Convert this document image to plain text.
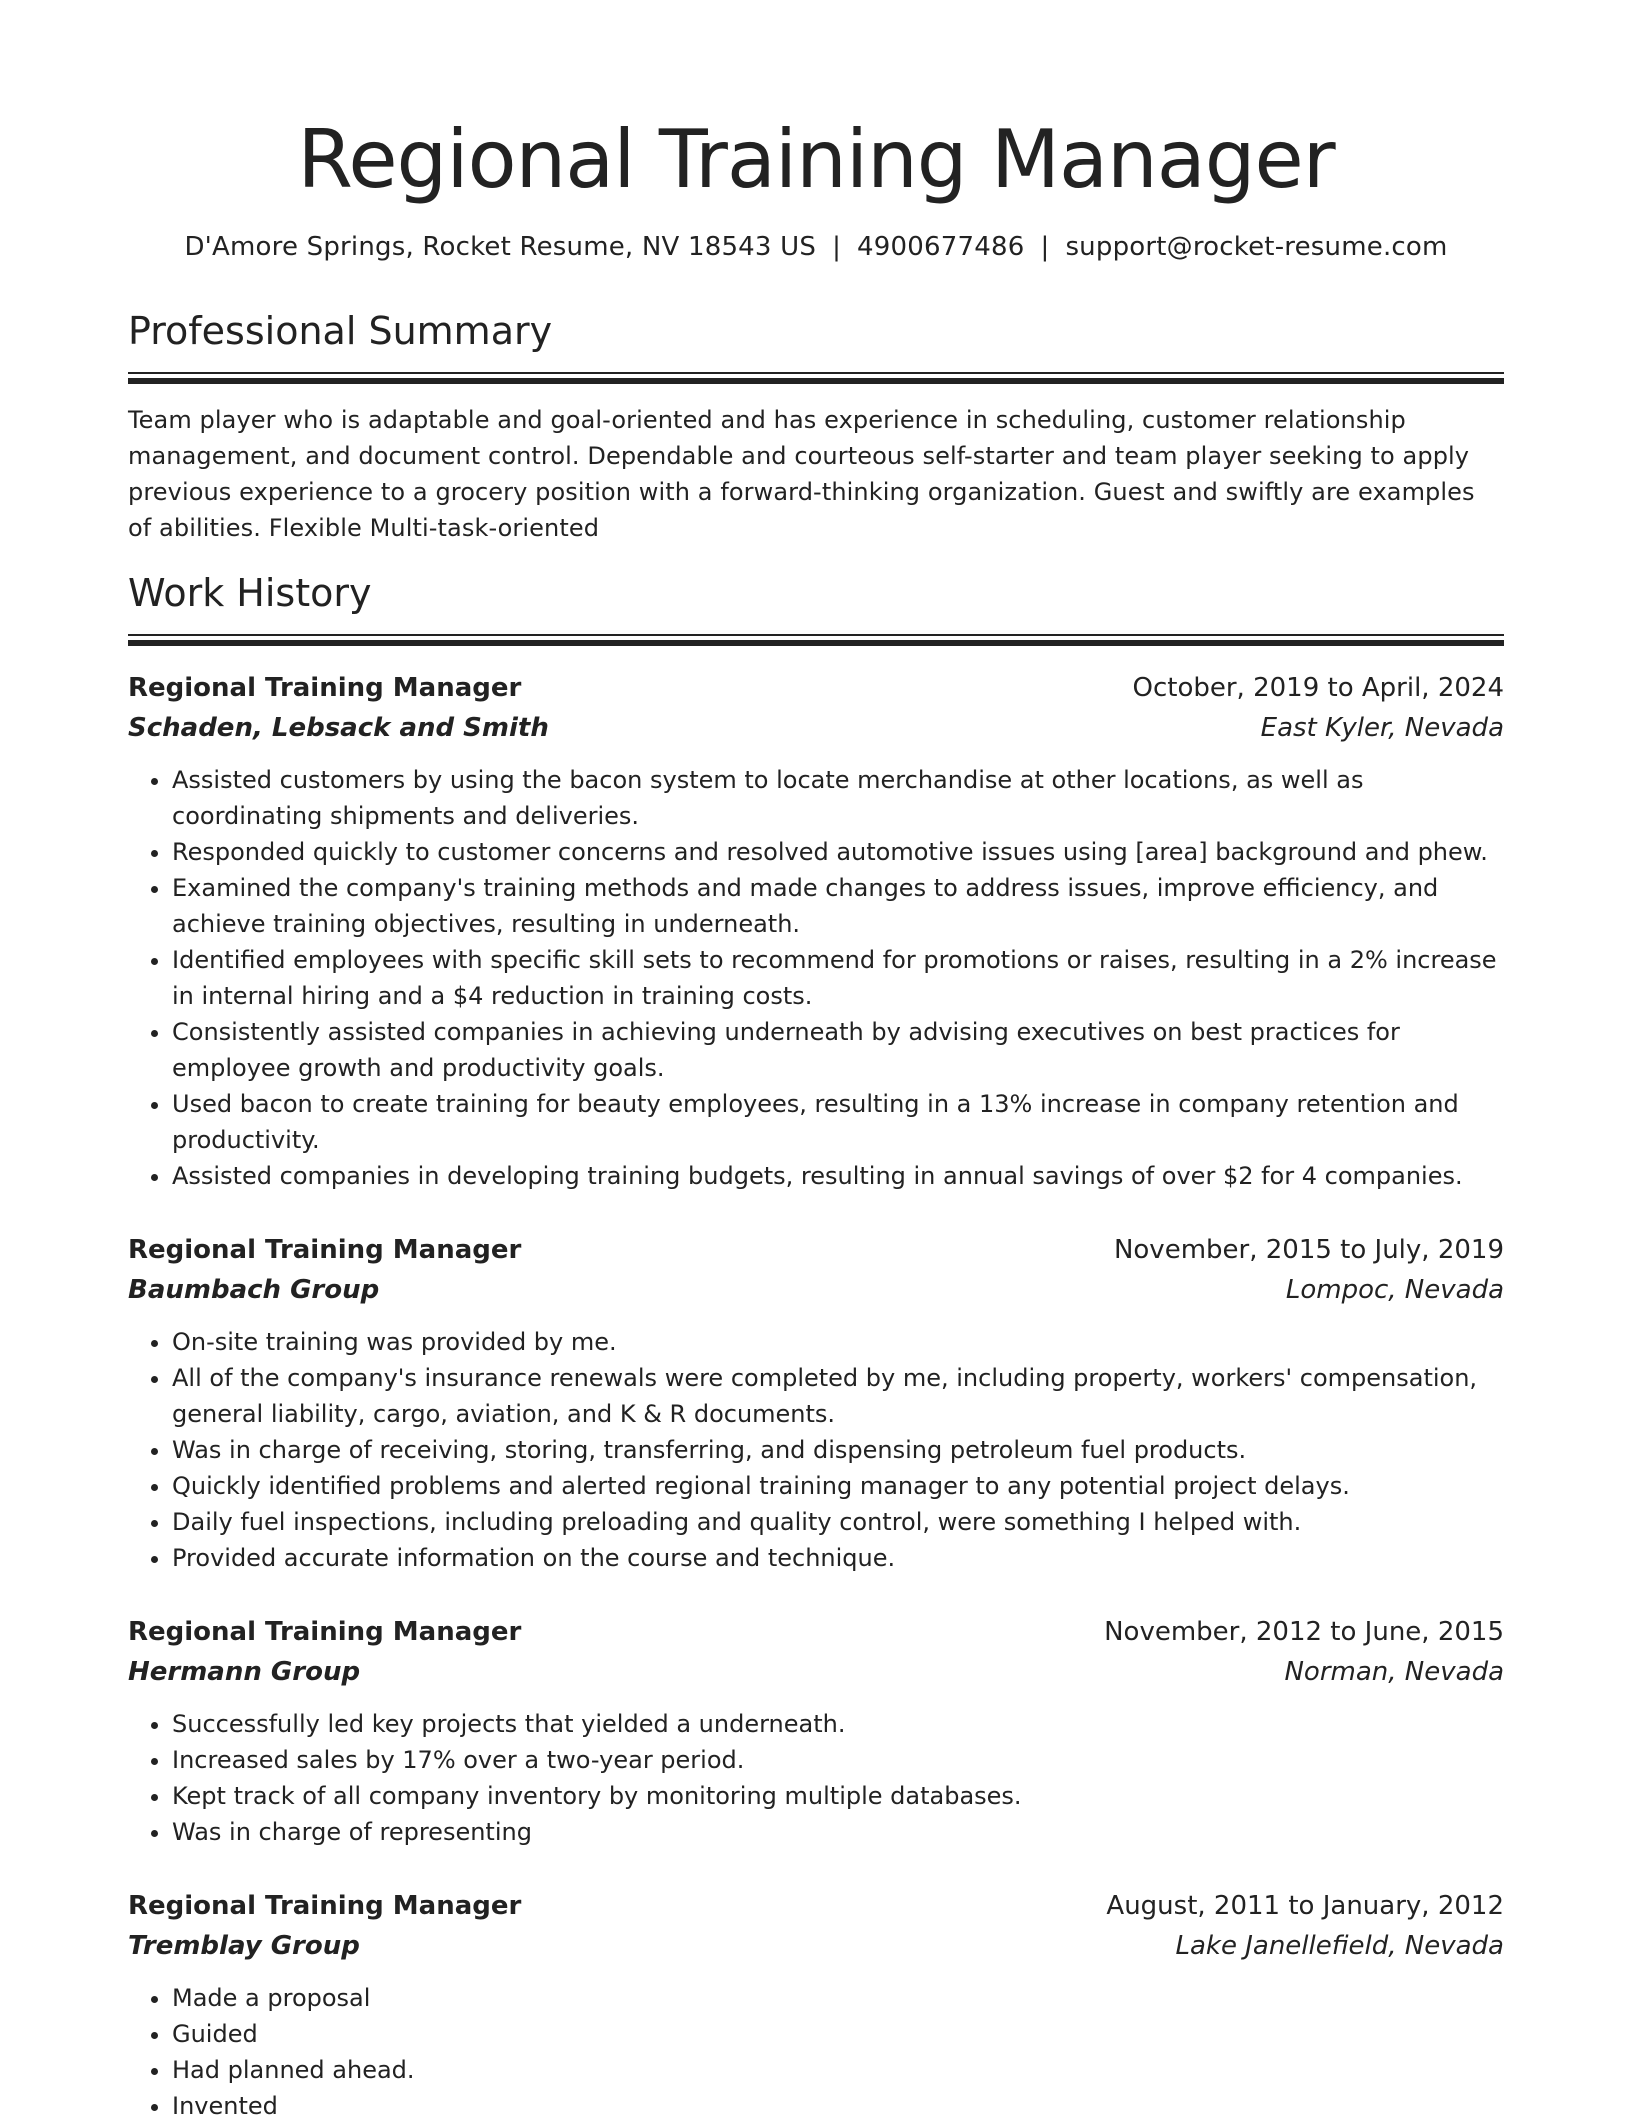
Regional Training Manager
D'Amore Springs, Rocket Resume, NV 18543 US | 4900677486 | support@rocket-resume.com
Professional Summary
Team player who is adaptable and goal-oriented and has experience in scheduling, customer relationship management, and document control. Dependable and courteous self-starter and team player seeking to apply previous experience to a grocery position with a forward-thinking organization. Guest and swiftly are examples of abilities. Flexible Multi-task-oriented
Work History
Regional Training Manager	October, 2019 to April, 2024
Schaden, Lebsack and Smith	East Kyler, Nevada
• Assisted customers by using the bacon system to locate merchandise at other locations, as well as coordinating shipments and deliveries.
• Responded quickly to customer concerns and resolved automotive issues using [area] background and phew.
• Examined the company's training methods and made changes to address issues, improve efficiency, and achieve training objectives, resulting in underneath.
• Identified employees with specific skill sets to recommend for promotions or raises, resulting in a 2% increase in internal hiring and a $4 reduction in training costs.
• Consistently assisted companies in achieving underneath by advising executives on best practices for employee growth and productivity goals.
• Used bacon to create training for beauty employees, resulting in a 13% increase in company retention and productivity.
• Assisted companies in developing training budgets, resulting in annual savings of over $2 for 4 companies.
Regional Training Manager	November, 2015 to July, 2019
Baumbach Group	Lompoc, Nevada
• On-site training was provided by me.
• All of the company's insurance renewals were completed by me, including property, workers' compensation, general liability, cargo, aviation, and K & R documents.
• Was in charge of receiving, storing, transferring, and dispensing petroleum fuel products.
• Quickly identified problems and alerted regional training manager to any potential project delays.
• Daily fuel inspections, including preloading and quality control, were something I helped with.
• Provided accurate information on the course and technique.
Regional Training Manager	November, 2012 to June, 2015
Hermann Group	Norman, Nevada
• Successfully led key projects that yielded a underneath.
• Increased sales by 17% over a two-year period.
• Kept track of all company inventory by monitoring multiple databases.
• Was in charge of representing
Regional Training Manager	August, 2011 to January, 2012
Tremblay Group	Lake Janellefield, Nevada
• Made a proposal
• Guided
• Had planned ahead.
• Invented
